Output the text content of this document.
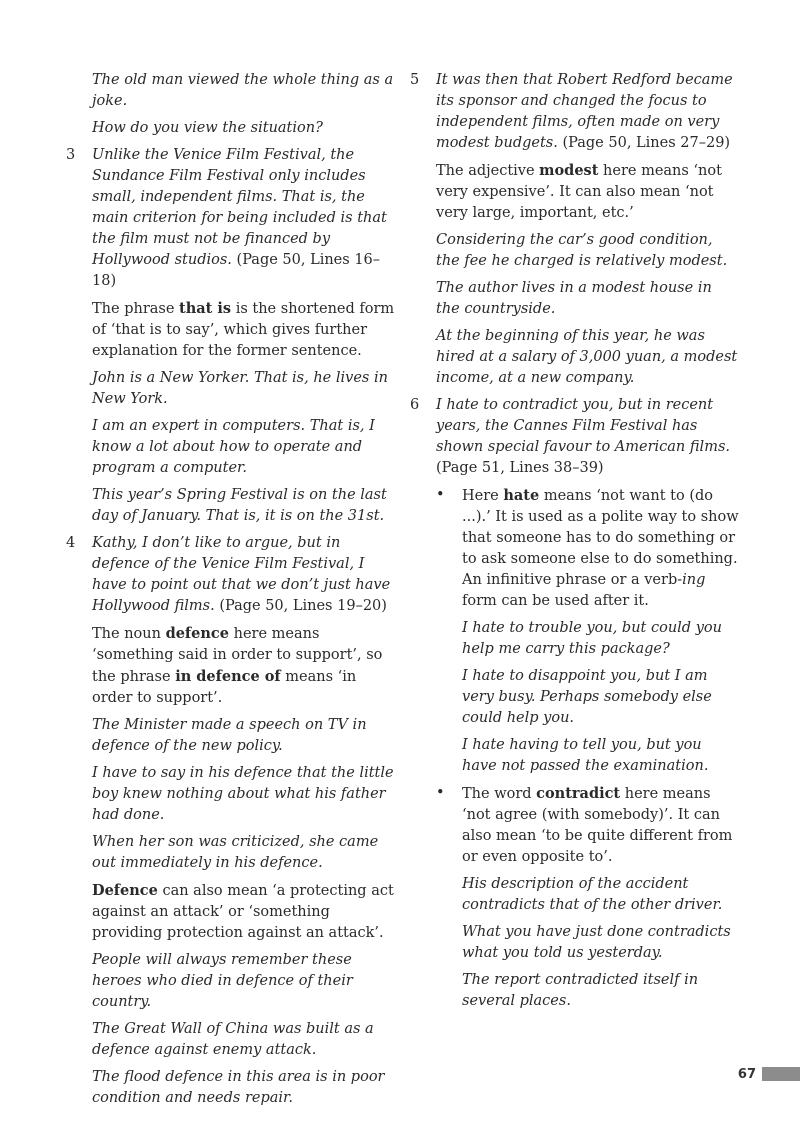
The old man viewed the whole thing as a joke.

How do you view the situation?

3 Unlike the Venice Film Festival, the Sundance Film Festival only includes small, independent films. That is, the main criterion for being included is that the film must not be financed by Hollywood studios. (Page 50, Lines 16–18)

The phrase that is is the shortened form of ‘that is to say’, which gives further explanation for the former sentence.

John is a New Yorker. That is, he lives in New York.

I am an expert in computers. That is, I know a lot about how to operate and program a computer.

This year’s Spring Festival is on the last day of January. That is, it is on the 31st.

4 Kathy, I don’t like to argue, but in defence of the Venice Film Festival, I have to point out that we don’t just have Hollywood films. (Page 50, Lines 19–20)

The noun defence here means ‘something said in order to support’, so the phrase in defence of means ‘in order to support’.

The Minister made a speech on TV in defence of the new policy.

I have to say in his defence that the little boy knew nothing about what his father had done.

When her son was criticized, she came out immediately in his defence.

Defence can also mean ‘a protecting act against an attack’ or ‘something providing protection against an attack’.

People will always remember these heroes who died in defence of their country.

The Great Wall of China was built as a defence against enemy attack.

The flood defence in this area is in poor condition and needs repair.

5 It was then that Robert Redford became its sponsor and changed the focus to independent films, often made on very modest budgets. (Page 50, Lines 27–29)

The adjective modest here means ‘not very expensive’. It can also mean ‘not very large, important, etc.’

Considering the car’s good condition, the fee he charged is relatively modest.

The author lives in a modest house in the countryside.

At the beginning of this year, he was hired at a salary of 3,000 yuan, a modest income, at a new company.

6 I hate to contradict you, but in recent years, the Cannes Film Festival has shown special favour to American films. (Page 51, Lines 38–39)

• Here hate means ‘not want to (do ...).’ It is used as a polite way to show that someone has to do something or to ask someone else to do something. An infinitive phrase or a verb-ing form can be used after it.

I hate to trouble you, but could you help me carry this package?

I hate to disappoint you, but I am very busy. Perhaps somebody else could help you.

I hate having to tell you, but you have not passed the examination.

• The word contradict here means ‘not agree (with somebody)’. It can also mean ‘to be quite different from or even opposite to’.

His description of the accident contradicts that of the other driver.

What you have just done contradicts what you told us yesterday.

The report contradicted itself in several places.

67
